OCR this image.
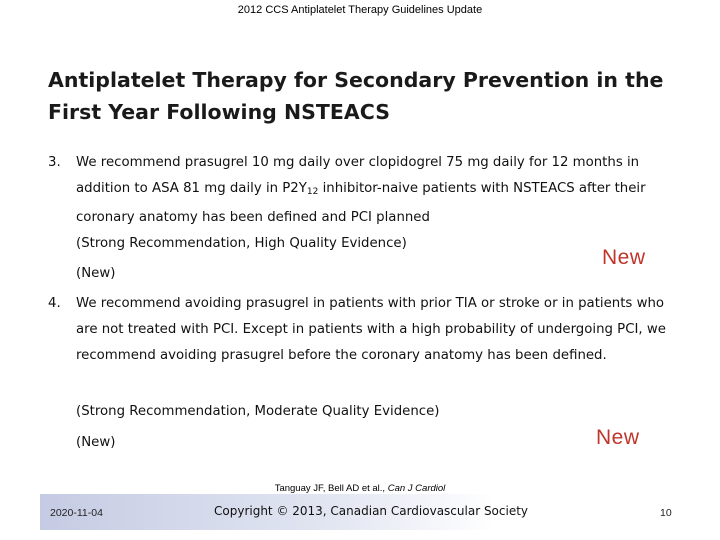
2012 CCS Antiplatelet Therapy Guidelines Update
Antiplatelet Therapy for Secondary Prevention in the
First Year Following NSTEACS
3. We recommend prasugrel 10 mg daily over clopidogrel 75 mg daily for 12 months in addition to ASA 81 mg daily in $P2Y_{12}$ inhibitor-naive patients with NSTEACS after their coronary anatomy has been defined and PCI planned
(Strong Recommendation, High Quality Evidence)
(New)
New
4. We recommend avoiding prasugrel in patients with prior TIA or stroke or in patients who are not treated with PCI. Except in patients with a high probability of undergoing PCI, we recommend avoiding prasugrel before the coronary anatomy has been defined.
(Strong Recommendation, Moderate Quality Evidence)
(New)	New
Tanguay JF, Bell AD et al., Can J Cardiol
2020-11-04	Copyright © 2013, Canadian Cardiovascular Society	10
